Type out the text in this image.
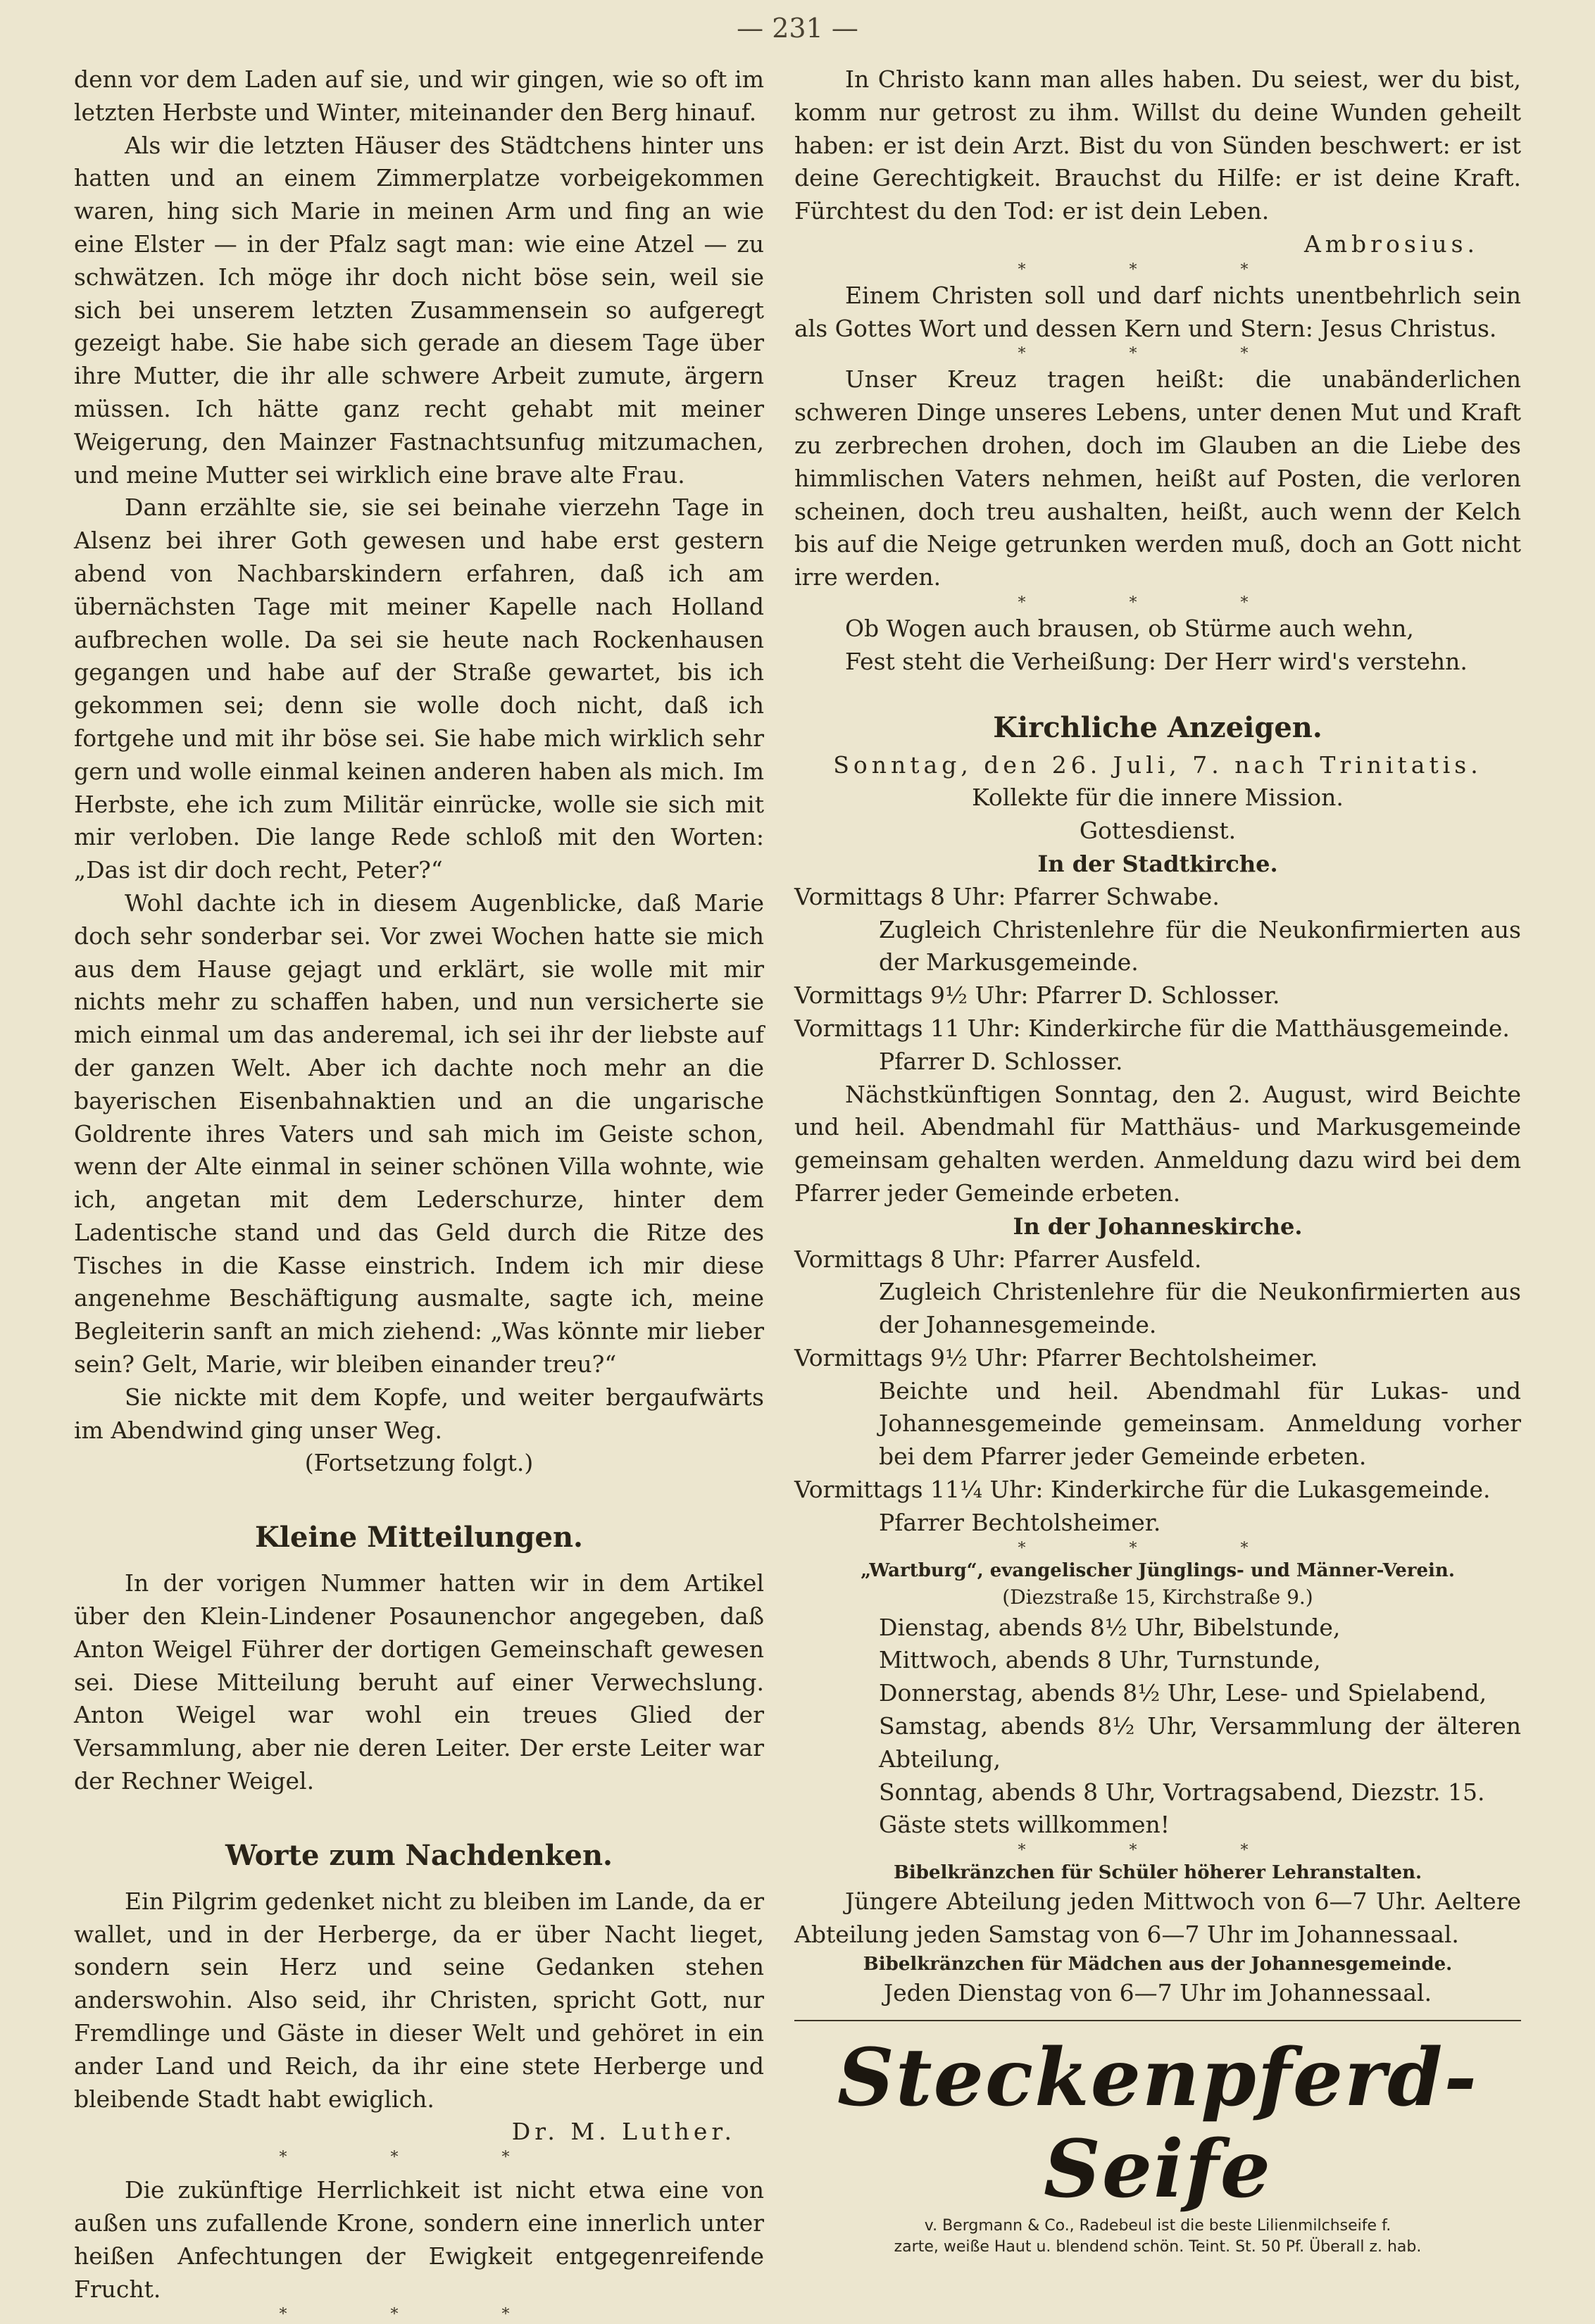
— 231 —

denn vor dem Laden auf sie, und wir gingen, wie so oft im letzten Herbste und Winter, miteinander den Berg hinauf.

Als wir die letzten Häuser des Städtchens hinter uns hatten und an einem Zimmerplatze vorbeigekommen waren, hing sich Marie in meinen Arm und fing an wie eine Elster — in der Pfalz sagt man: wie eine Atzel — zu schwätzen. Ich möge ihr doch nicht böse sein, weil sie sich bei unserem letzten Zusammensein so aufgeregt gezeigt habe. Sie habe sich gerade an diesem Tage über ihre Mutter, die ihr alle schwere Arbeit zumute, ärgern müssen. Ich hätte ganz recht gehabt mit meiner Weigerung, den Mainzer Fastnachtsunfug mitzumachen, und meine Mutter sei wirklich eine brave alte Frau.

Dann erzählte sie, sie sei beinahe vierzehn Tage in Alsenz bei ihrer Goth gewesen und habe erst gestern abend von Nachbarskindern erfahren, daß ich am übernächsten Tage mit meiner Kapelle nach Holland aufbrechen wolle. Da sei sie heute nach Rockenhausen gegangen und habe auf der Straße gewartet, bis ich gekommen sei; denn sie wolle doch nicht, daß ich fortgehe und mit ihr böse sei. Sie habe mich wirklich sehr gern und wolle einmal keinen anderen haben als mich. Im Herbste, ehe ich zum Militär einrücke, wolle sie sich mit mir verloben. Die lange Rede schloß mit den Worten: „Das ist dir doch recht, Peter?“

Wohl dachte ich in diesem Augenblicke, daß Marie doch sehr sonderbar sei. Vor zwei Wochen hatte sie mich aus dem Hause gejagt und erklärt, sie wolle mit mir nichts mehr zu schaffen haben, und nun versicherte sie mich einmal um das anderemal, ich sei ihr der liebste auf der ganzen Welt. Aber ich dachte noch mehr an die bayerischen Eisenbahnaktien und an die ungarische Goldrente ihres Vaters und sah mich im Geiste schon, wenn der Alte einmal in seiner schönen Villa wohnte, wie ich, angetan mit dem Lederschurze, hinter dem Ladentische stand und das Geld durch die Ritze des Tisches in die Kasse einstrich. Indem ich mir diese angenehme Beschäftigung ausmalte, sagte ich, meine Begleiterin sanft an mich ziehend: „Was könnte mir lieber sein? Gelt, Marie, wir bleiben einander treu?“

Sie nickte mit dem Kopfe, und weiter bergaufwärts im Abendwind ging unser Weg.

(Fortsetzung folgt.)

Kleine Mitteilungen.

In der vorigen Nummer hatten wir in dem Artikel über den Klein-Lindener Posaunenchor angegeben, daß Anton Weigel Führer der dortigen Gemeinschaft gewesen sei. Diese Mitteilung beruht auf einer Verwechslung. Anton Weigel war wohl ein treues Glied der Versammlung, aber nie deren Leiter. Der erste Leiter war der Rechner Weigel.

Worte zum Nachdenken.

Ein Pilgrim gedenket nicht zu bleiben im Lande, da er wallet, und in der Herberge, da er über Nacht lieget, sondern sein Herz und seine Gedanken stehen anderswohin. Also seid, ihr Christen, spricht Gott, nur Fremdlinge und Gäste in dieser Welt und gehöret in ein ander Land und Reich, da ihr eine stete Herberge und bleibende Stadt habt ewiglich.

Dr. M. Luther.

* * *

Die zukünftige Herrlichkeit ist nicht etwa eine von außen uns zufallende Krone, sondern eine innerlich unter heißen Anfechtungen der Ewigkeit entgegenreifende Frucht.

* * *

In Christo kann man alles haben. Du seiest, wer du bist, komm nur getrost zu ihm. Willst du deine Wunden geheilt haben: er ist dein Arzt. Bist du von Sünden beschwert: er ist deine Gerechtigkeit. Brauchst du Hilfe: er ist deine Kraft. Fürchtest du den Tod: er ist dein Leben.

Ambrosius.

* * *

Einem Christen soll und darf nichts unentbehrlich sein als Gottes Wort und dessen Kern und Stern: Jesus Christus.

* * *

Unser Kreuz tragen heißt: die unabänderlichen schweren Dinge unseres Lebens, unter denen Mut und Kraft zu zerbrechen drohen, doch im Glauben an die Liebe des himmlischen Vaters nehmen, heißt auf Posten, die verloren scheinen, doch treu aushalten, heißt, auch wenn der Kelch bis auf die Neige getrunken werden muß, doch an Gott nicht irre werden.

* * *

Ob Wogen auch brausen, ob Stürme auch wehn,

Fest steht die Verheißung: Der Herr wird's verstehn.

Kirchliche Anzeigen.

Sonntag, den 26. Juli, 7. nach Trinitatis.

Kollekte für die innere Mission.

Gottesdienst.

In der Stadtkirche.

Vormittags 8 Uhr: Pfarrer Schwabe.

Zugleich Christenlehre für die Neukonfirmierten aus der Markusgemeinde.

Vormittags 9½ Uhr: Pfarrer D. Schlosser.

Vormittags 11 Uhr: Kinderkirche für die Matthäusgemeinde.

Pfarrer D. Schlosser.

Nächstkünftigen Sonntag, den 2. August, wird Beichte und heil. Abendmahl für Matthäus- und Markusgemeinde gemeinsam gehalten werden. Anmeldung dazu wird bei dem Pfarrer jeder Gemeinde erbeten.

In der Johanneskirche.

Vormittags 8 Uhr: Pfarrer Ausfeld.

Zugleich Christenlehre für die Neukonfirmierten aus der Johannesgemeinde.

Vormittags 9½ Uhr: Pfarrer Bechtolsheimer.

Beichte und heil. Abendmahl für Lukas- und Johannesgemeinde gemeinsam. Anmeldung vorher bei dem Pfarrer jeder Gemeinde erbeten.

Vormittags 11¼ Uhr: Kinderkirche für die Lukasgemeinde.

Pfarrer Bechtolsheimer.

* * *
„Wartburg“, evangelischer Jünglings- und Männer-Verein.
(Diezstraße 15, Kirchstraße 9.)

Dienstag, abends 8½ Uhr, Bibelstunde,

Mittwoch, abends 8 Uhr, Turnstunde,

Donnerstag, abends 8½ Uhr, Lese- und Spielabend,

Samstag, abends 8½ Uhr, Versammlung der älteren Abteilung,

Sonntag, abends 8 Uhr, Vortragsabend, Diezstr. 15.

Gäste stets willkommen!

* * *
Bibelkränzchen für Schüler höherer Lehranstalten.

Jüngere Abteilung jeden Mittwoch von 6—7 Uhr. Aeltere Abteilung jeden Samstag von 6—7 Uhr im Johannessaal.

Bibelkränzchen für Mädchen aus der Johannesgemeinde.

Jeden Dienstag von 6—7 Uhr im Johannessaal.

Steckenpferd-Seife
v. Bergmann & Co., Radebeul ist die beste Lilienmilchseife f.
zarte, weiße Haut u. blendend schön. Teint. St. 50 Pf. Überall z. hab.
